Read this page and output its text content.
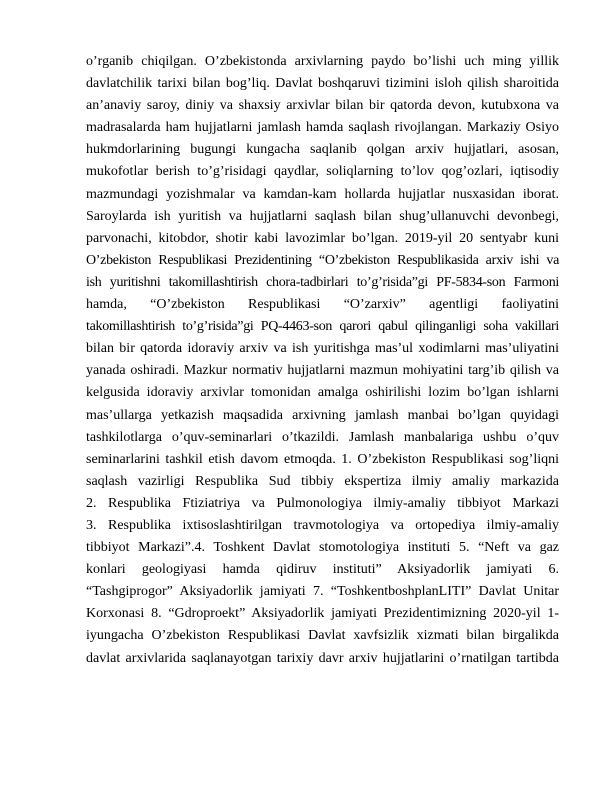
o’rganib chiqilgan. O’zbekistonda arxivlarning paydo bo’lishi uch ming yillik
davlatchilik tarixi bilan bog’liq. Davlat boshqaruvi tizimini isloh qilish sharoitida
an’anaviy saroy, diniy va shaxsiy arxivlar bilan bir qatorda devon, kutubxona va
madrasalarda ham hujjatlarni jamlash hamda saqlash rivojlangan. Markaziy Osiyo
hukmdorlarining bugungi kungacha saqlanib qolgan arxiv hujjatlari, asosan,
mukofotlar berish to’g’risidagi qaydlar, soliqlarning to’lov qog’ozlari, iqtisodiy
mazmundagi yozishmalar va kamdan-kam hollarda hujjatlar nusxasidan iborat.
Saroylarda ish yuritish va hujjatlarni saqlash bilan shug’ullanuvchi devonbegi,
parvonachi, kitobdor, shotir kabi lavozimlar bo’lgan. 2019-yil 20 sentyabr kuni
O’zbekiston Respublikasi Prezidentining “O’zbekiston Respublikasida arxiv ishi va
ish yuritishni takomillashtirish chora-tadbirlari to’g’risida”gi PF-5834-son Farmoni
hamda, “O’zbekiston Respublikasi “O’zarxiv” agentligi faoliyatini
takomillashtirish to’g’risida”gi PQ-4463-son qarori qabul qilinganligi soha vakillari
bilan bir qatorda idoraviy arxiv va ish yuritishga mas’ul xodimlarni mas’uliyatini
yanada oshiradi. Mazkur normativ hujjatlarni mazmun mohiyatini targ’ib qilish va
kelgusida idoraviy arxivlar tomonidan amalga oshirilishi lozim bo’lgan ishlarni
mas’ullarga yetkazish maqsadida arxivning jamlash manbai bo’lgan quyidagi
tashkilotlarga o’quv-seminarlari o’tkazildi. Jamlash manbalariga ushbu o’quv
seminarlarini tashkil etish davom etmoqda. 1. O’zbekiston Respublikasi sog’liqni
saqlash vazirligi Respublika Sud tibbiy ekspertiza ilmiy amaliy markazida
2. Respublika Ftiziatriya va Pulmonologiya ilmiy-amaliy tibbiyot Markazi
3. Respublika ixtisoslashtirilgan travmotologiya va ortopediya ilmiy-amaliy
tibbiyot Markazi”.4. Toshkent Davlat stomotologiya instituti 5. “Neft va gaz
konlari geologiyasi hamda qidiruv instituti” Aksiyadorlik jamiyati 6.
“Tashgiprogor” Aksiyadorlik jamiyati 7. “ToshkentboshplanLITI” Davlat Unitar
Korxonasi 8. “Gdroproekt” Aksiyadorlik jamiyati Prezidentimizning 2020-yil 1-
iyungacha O’zbekiston Respublikasi Davlat xavfsizlik xizmati bilan birgalikda
davlat arxivlarida saqlanayotgan tarixiy davr arxiv hujjatlarini o’rnatilgan tartibda
